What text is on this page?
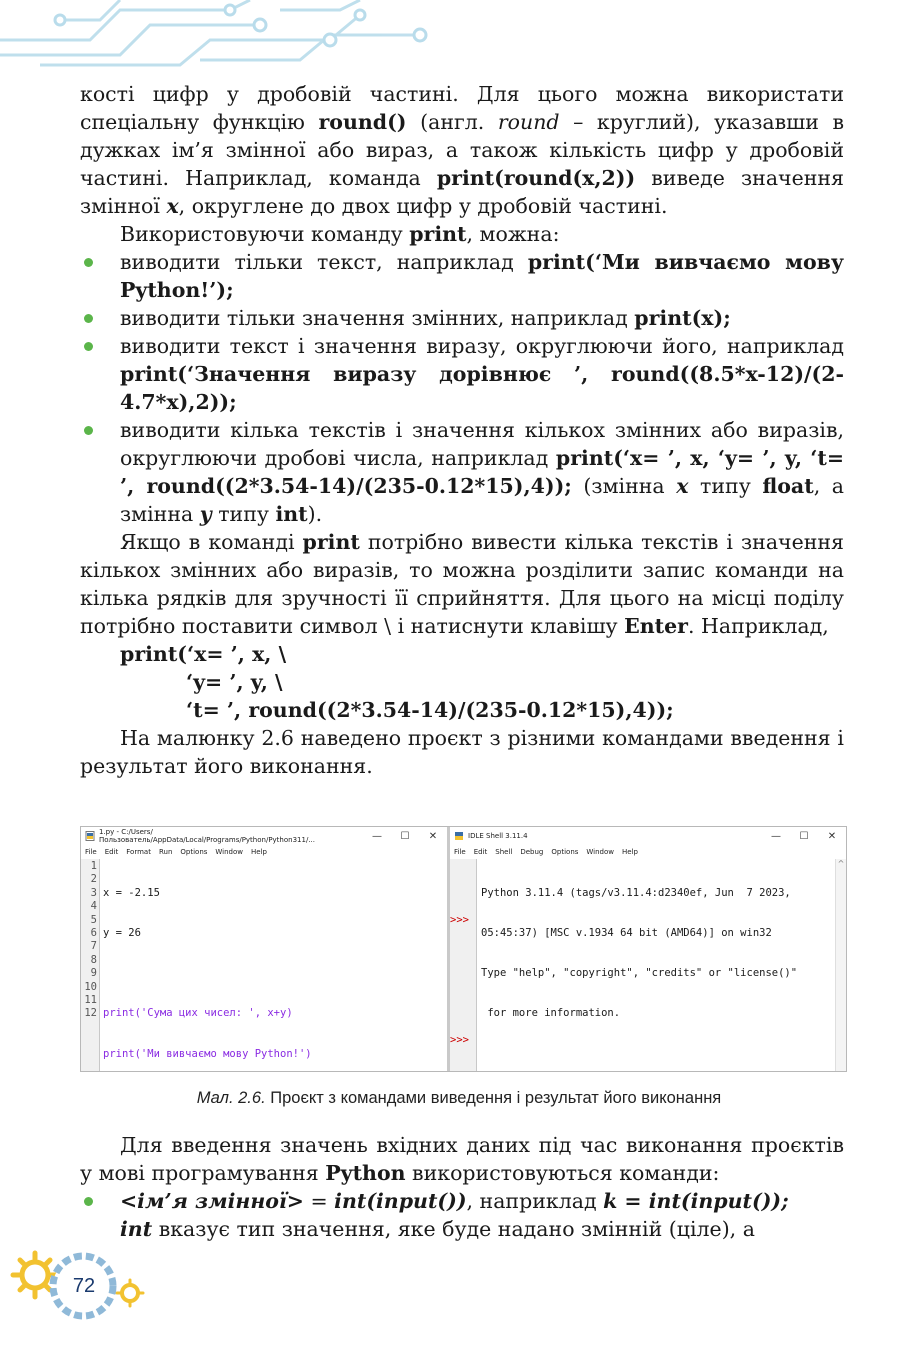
кості цифр у дробовій частині. Для цього можна використати спеціальну функцію round() (англ. round – круглий), указавши в дужках ім’я змінної або вираз, а також кількість цифр у дробовій частині. Наприклад, команда print(round(x,2)) виведе значення змінної x, округлене до двох цифр у дробовій частині.

Використовуючи команду print, можна:

виводити тільки текст, наприклад print(‘Ми вивчаємо мову Python!’);

виводити тільки значення змінних, наприклад print(x);

виводити текст і значення виразу, округлюючи його, наприклад print(‘Значення виразу дорівнює ’, round((8.5*x-12)/(2-4.7*x),2));

виводити кілька текстів і значення кількох змінних або виразів, округлюючи дробові числа, наприклад print(‘x= ’, x, ‘y= ’, y, ‘t= ’, round((2*3.54-14)/(235-0.12*15),4)); (змінна x типу float, а змінна y типу int).

Якщо в команді print потрібно вивести кілька текстів і значення кількох змінних або виразів, то можна розділити запис команди на кілька рядків для зручності її сприйняття. Для цього на місці поділу потрібно поставити символ \ і натиснути клавішу Enter. Наприклад,

print(‘x= ’, x, \
‘y= ’, y, \
‘t= ’, round((2*3.54-14)/(235-0.12*15),4));

На малюнку 2.6 наведено проєкт з різними командами введення і результат його виконання.

1.py - C:/Users/Пользователь/AppData/Local/Programs/Python/Python311/...	—	☐	✕
File Edit Format Run Options Window Help
1
2
3
4
5
6
7
8
9
10
11
12

x = -2.15

y = 26

print('Сума цих чисел: ', x+y)

print('Ми вивчаємо мову Python!')

IDLE Shell 3.11.4	—	☐	✕
File Edit Shell Debug Options Window Help

>>>

>>>

Python 3.11.4 (tags/v3.11.4:d2340ef, Jun  7 2023,

05:45:37) [MSC v.1934 64 bit (AMD64)] on win32

Type "help", "copyright", "credits" or "license()"

for more information.

^
Мал. 2.6. Проєкт з командами виведення і результат його виконання

Для введення значень вхідних даних під час виконання проєктів у мові програмування Python використовуються команди:

<ім’я змінної> = int(input()), наприклад k = int(input());

int вказує тип значення, яке буде надано змінній (ціле), а

72
